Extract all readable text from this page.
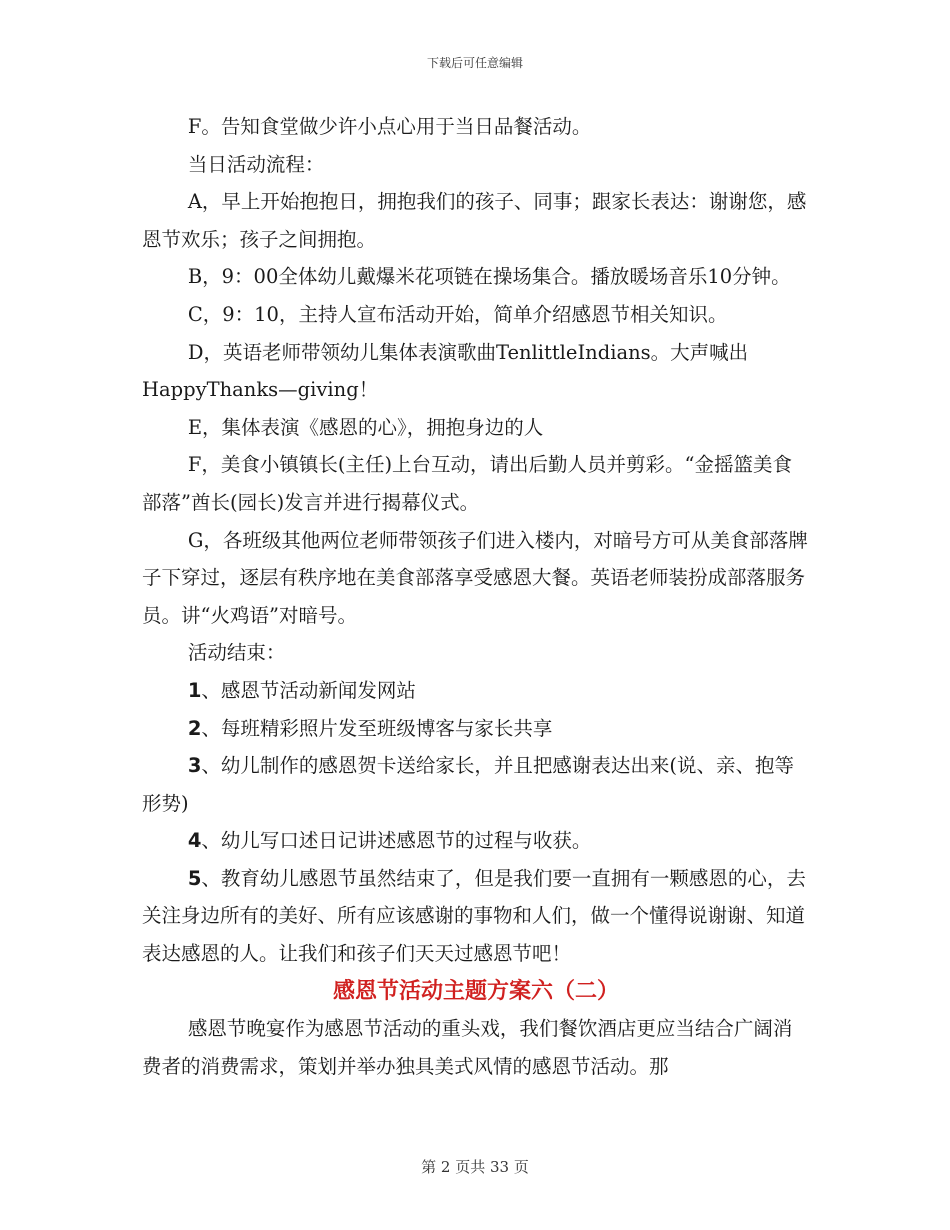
下载后可任意编辑

F。告知食堂做少许小点心用于当日品餐活动。

当日活动流程：

A，早上开始抱抱日，拥抱我们的孩子、同事；跟家长表达：谢谢您，感恩节欢乐；孩子之间拥抱。

B，9：00全体幼儿戴爆米花项链在操场集合。播放暖场音乐10分钟。

C，9：10，主持人宣布活动开始，简单介绍感恩节相关知识。

D，英语老师带领幼儿集体表演歌曲TenlittleIndians。大声喊出

HappyThanks—giving！

E，集体表演《感恩的心》，拥抱身边的人

F，美食小镇镇长(主任)上台互动，请出后勤人员并剪彩。“金摇篮美食部落”酋长(园长)发言并进行揭幕仪式。

G，各班级其他两位老师带领孩子们进入楼内，对暗号方可从美食部落牌子下穿过，逐层有秩序地在美食部落享受感恩大餐。英语老师装扮成部落服务员。讲“火鸡语”对暗号。

活动结束：

1、感恩节活动新闻发网站

2、每班精彩照片发至班级博客与家长共享

3、幼儿制作的感恩贺卡送给家长，并且把感谢表达出来(说、亲、抱等形势)

4、幼儿写口述日记讲述感恩节的过程与收获。

5、教育幼儿感恩节虽然结束了，但是我们要一直拥有一颗感恩的心，去关注身边所有的美好、所有应该感谢的事物和人们，做一个懂得说谢谢、知道表达感恩的人。让我们和孩子们天天过感恩节吧！

感恩节活动主题方案六（二）

感恩节晚宴作为感恩节活动的重头戏，我们餐饮酒店更应当结合广阔消费者的消费需求，策划并举办独具美式风情的感恩节活动。那

第 2 页共 33 页
